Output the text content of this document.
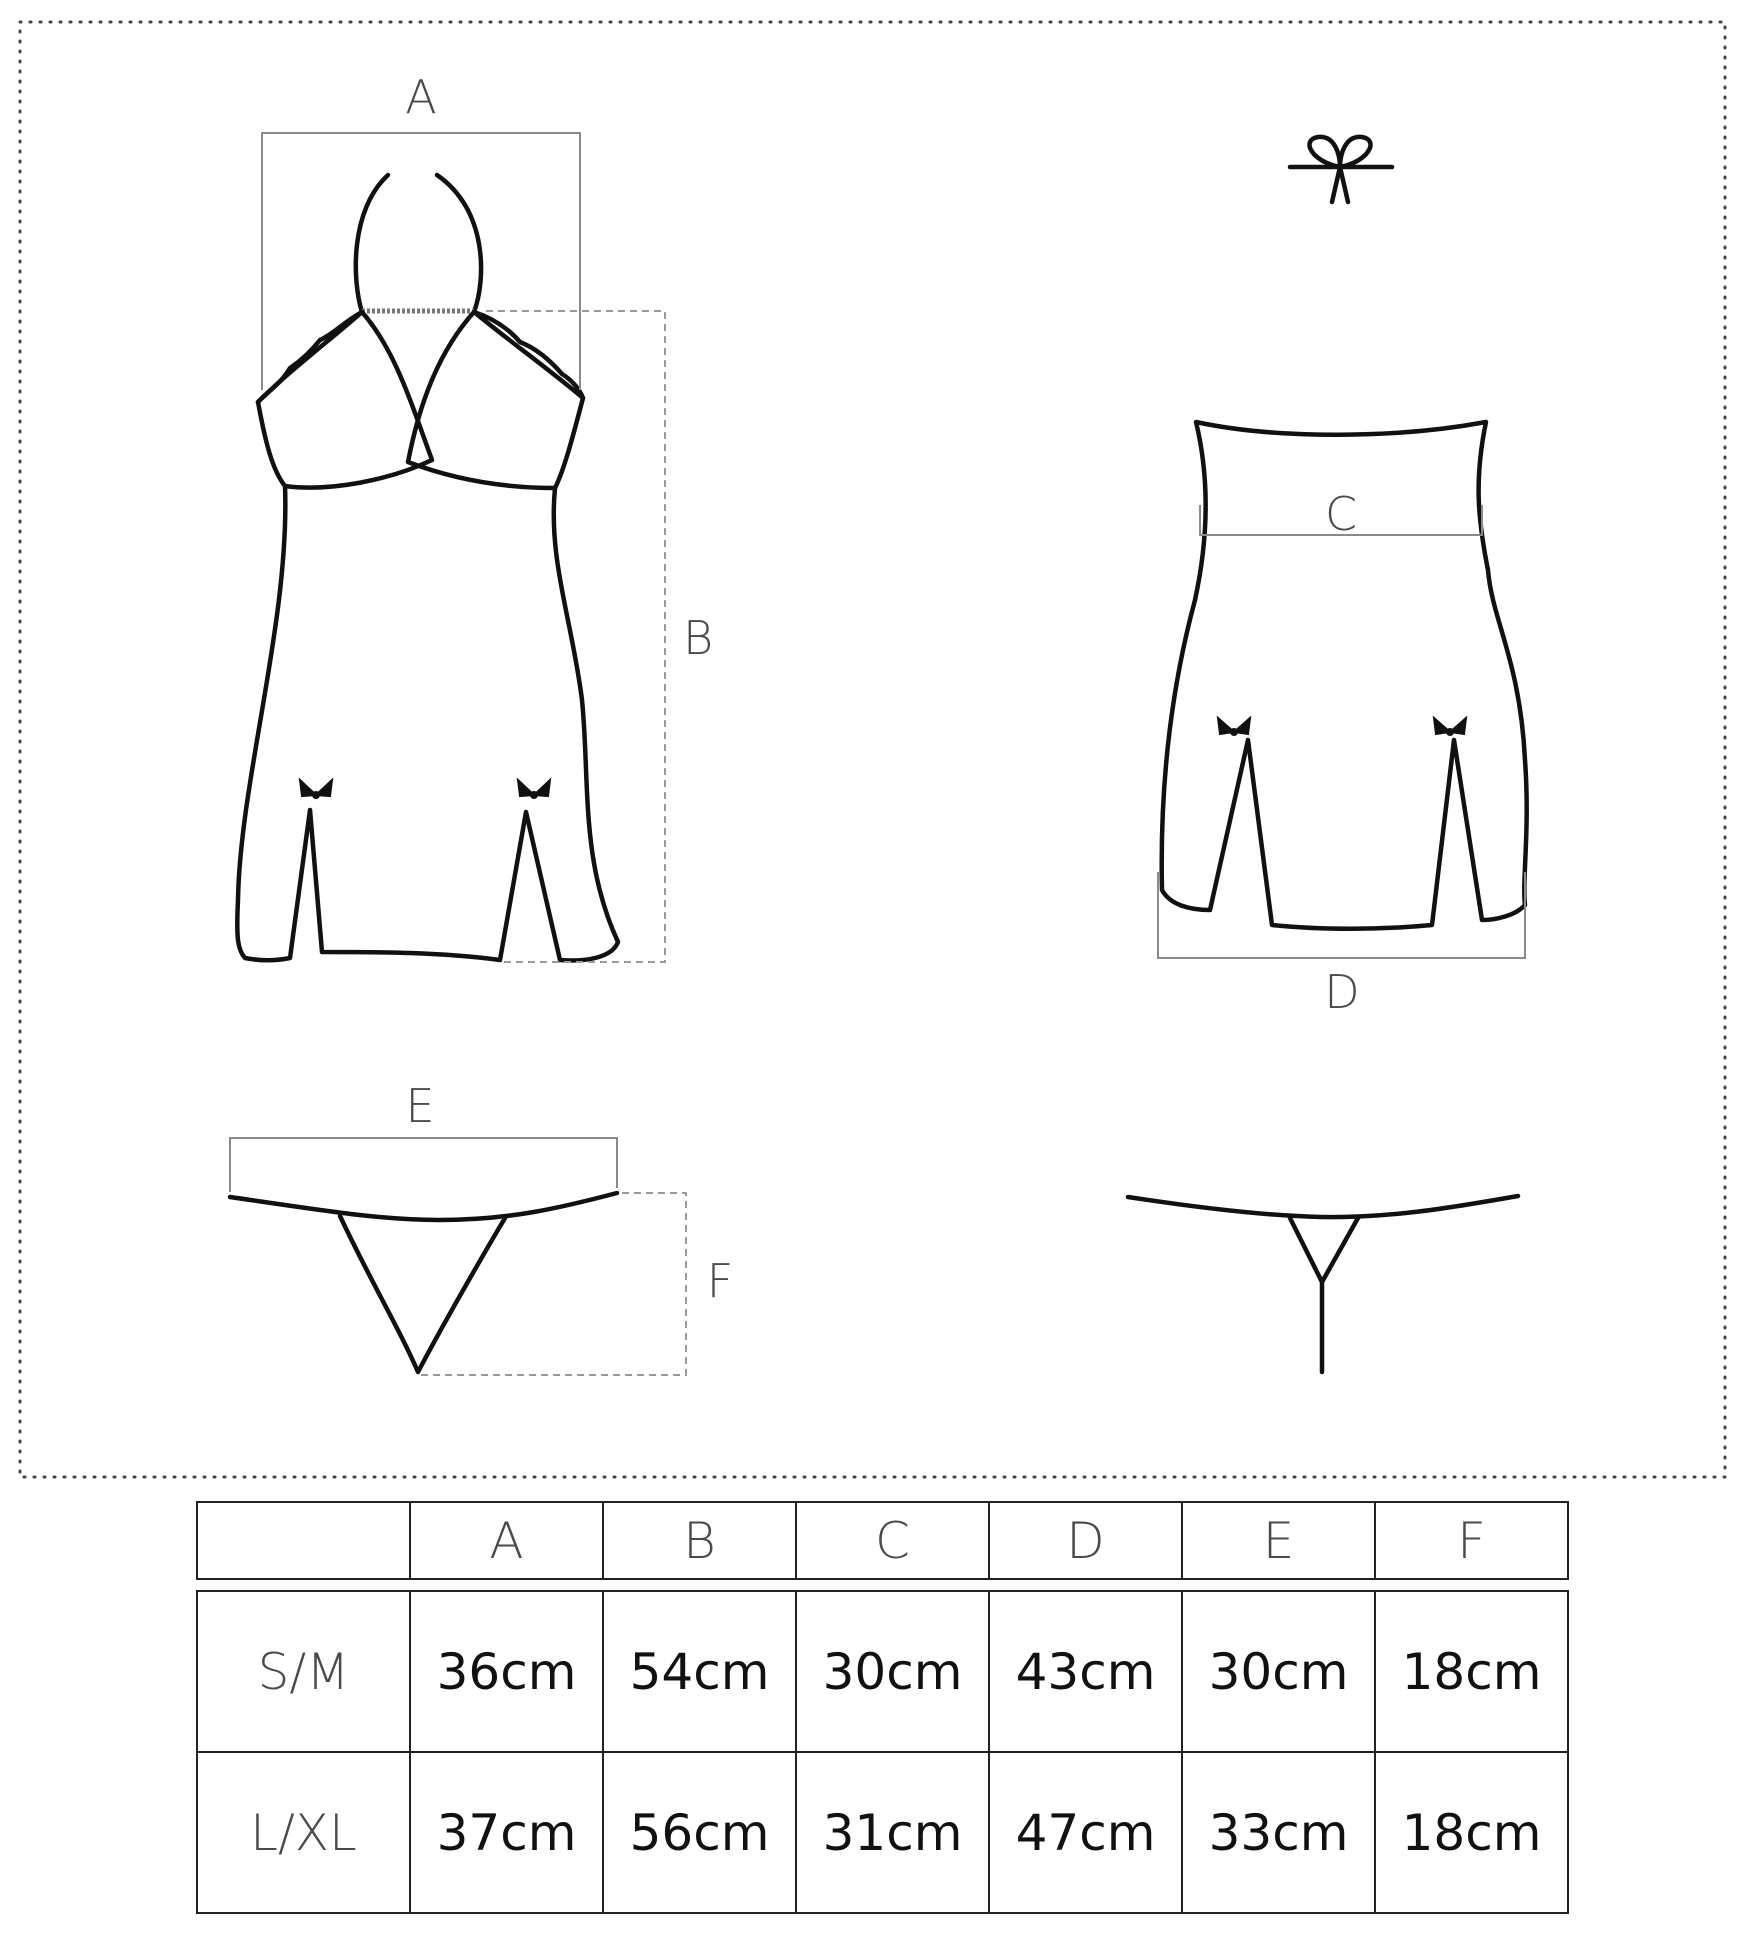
A
B
C
D
E
F
	A	B	C	D	E	F
S/M	36cm	54cm	30cm	43cm	30cm	18cm
L/XL	37cm	56cm	31cm	47cm	33cm	18cm
